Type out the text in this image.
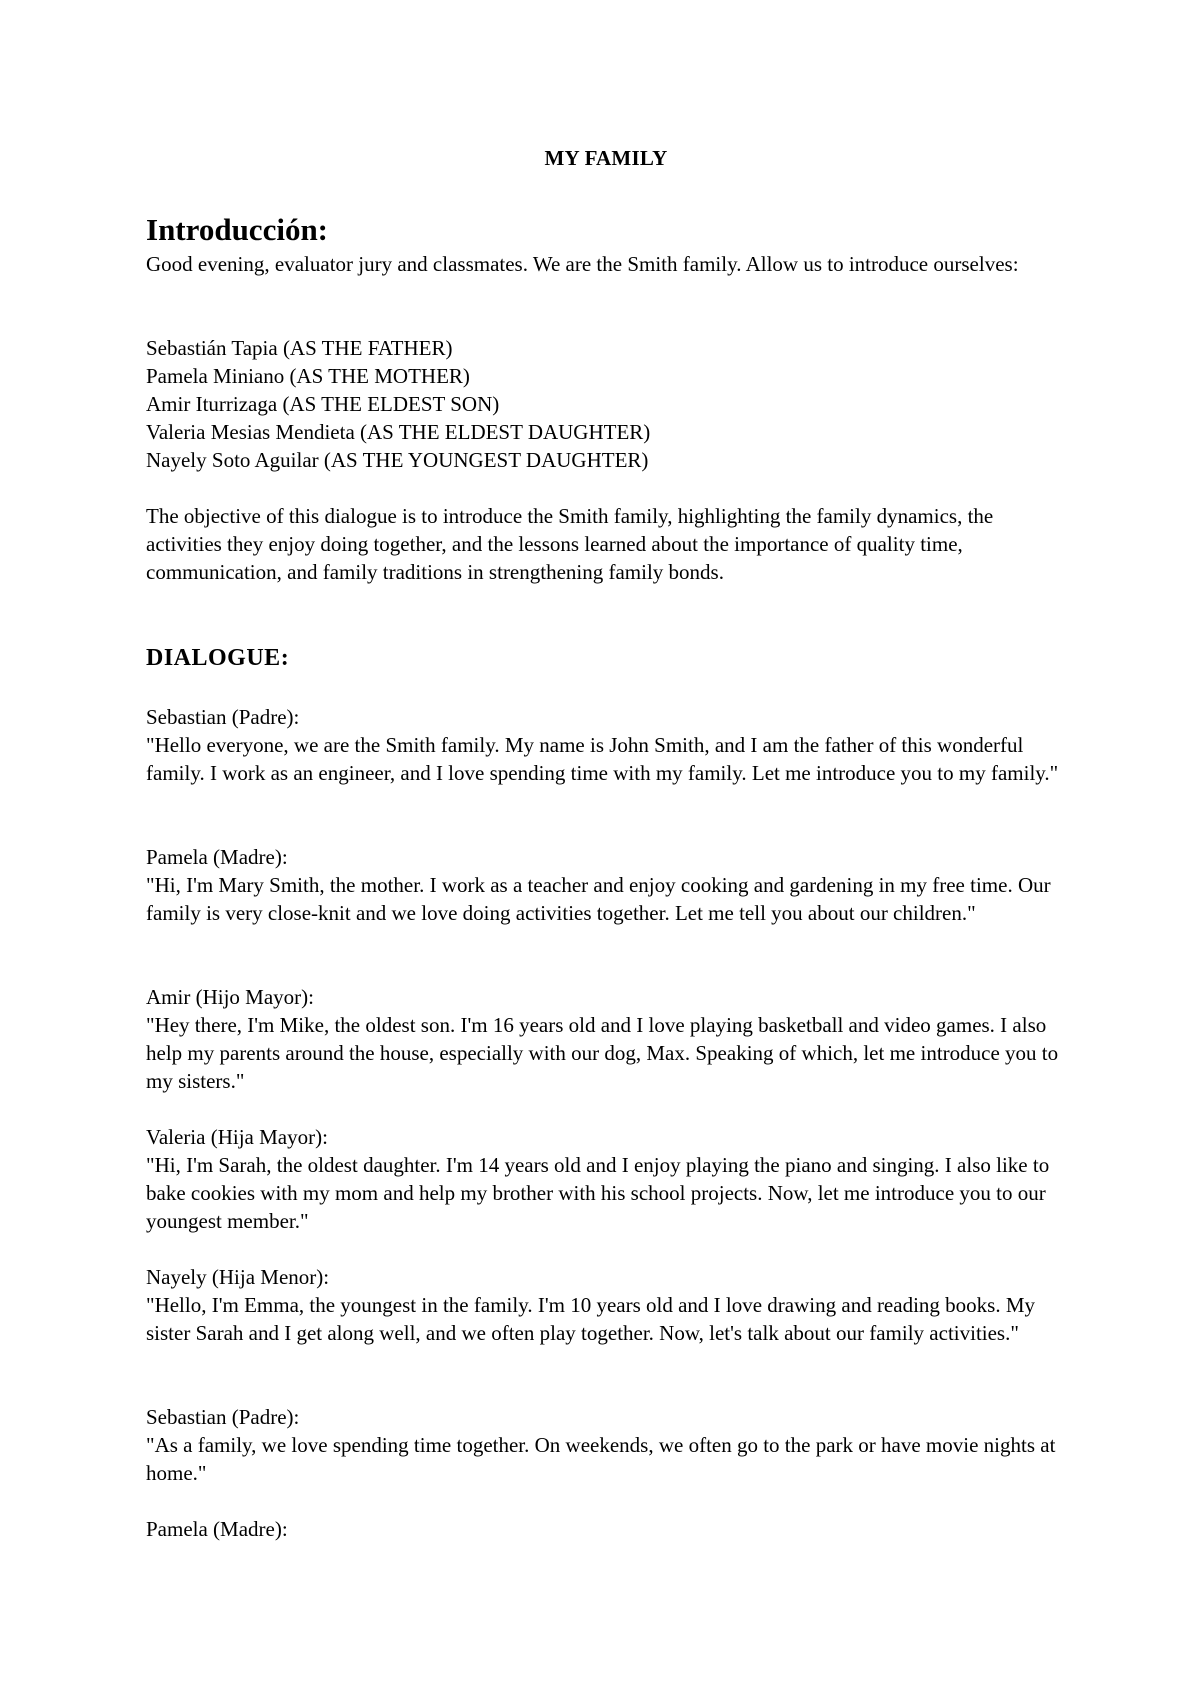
MY FAMILY
Introducción:

Good evening, evaluator jury and classmates. We are the Smith family. Allow us to introduce ourselves:

Sebastián Tapia (AS THE FATHER)

Pamela Miniano (AS THE MOTHER)

Amir Iturrizaga (AS THE ELDEST SON)

Valeria Mesias Mendieta (AS THE ELDEST DAUGHTER)

Nayely Soto Aguilar (AS THE YOUNGEST DAUGHTER)

The objective of this dialogue is to introduce the Smith family, highlighting the family dynamics, the activities they enjoy doing together, and the lessons learned about the importance of quality time, communication, and family traditions in strengthening family bonds.

DIALOGUE:
Sebastian (Padre):
"Hello everyone, we are the Smith family. My name is John Smith, and I am the father of this wonderful family. I work as an engineer, and I love spending time with my family. Let me introduce you to my family."
Pamela (Madre):
"Hi, I'm Mary Smith, the mother. I work as a teacher and enjoy cooking and gardening in my free time. Our family is very close-knit and we love doing activities together. Let me tell you about our children."
Amir (Hijo Mayor):
"Hey there, I'm Mike, the oldest son. I'm 16 years old and I love playing basketball and video games. I also help my parents around the house, especially with our dog, Max. Speaking of which, let me introduce you to my sisters."
Valeria (Hija Mayor):
"Hi, I'm Sarah, the oldest daughter. I'm 14 years old and I enjoy playing the piano and singing. I also like to bake cookies with my mom and help my brother with his school projects. Now, let me introduce you to our youngest member."
Nayely (Hija Menor):
"Hello, I'm Emma, the youngest in the family. I'm 10 years old and I love drawing and reading books. My sister Sarah and I get along well, and we often play together. Now, let's talk about our family activities."
Sebastian (Padre):
"As a family, we love spending time together. On weekends, we often go to the park or have movie nights at home."
Pamela (Madre):
